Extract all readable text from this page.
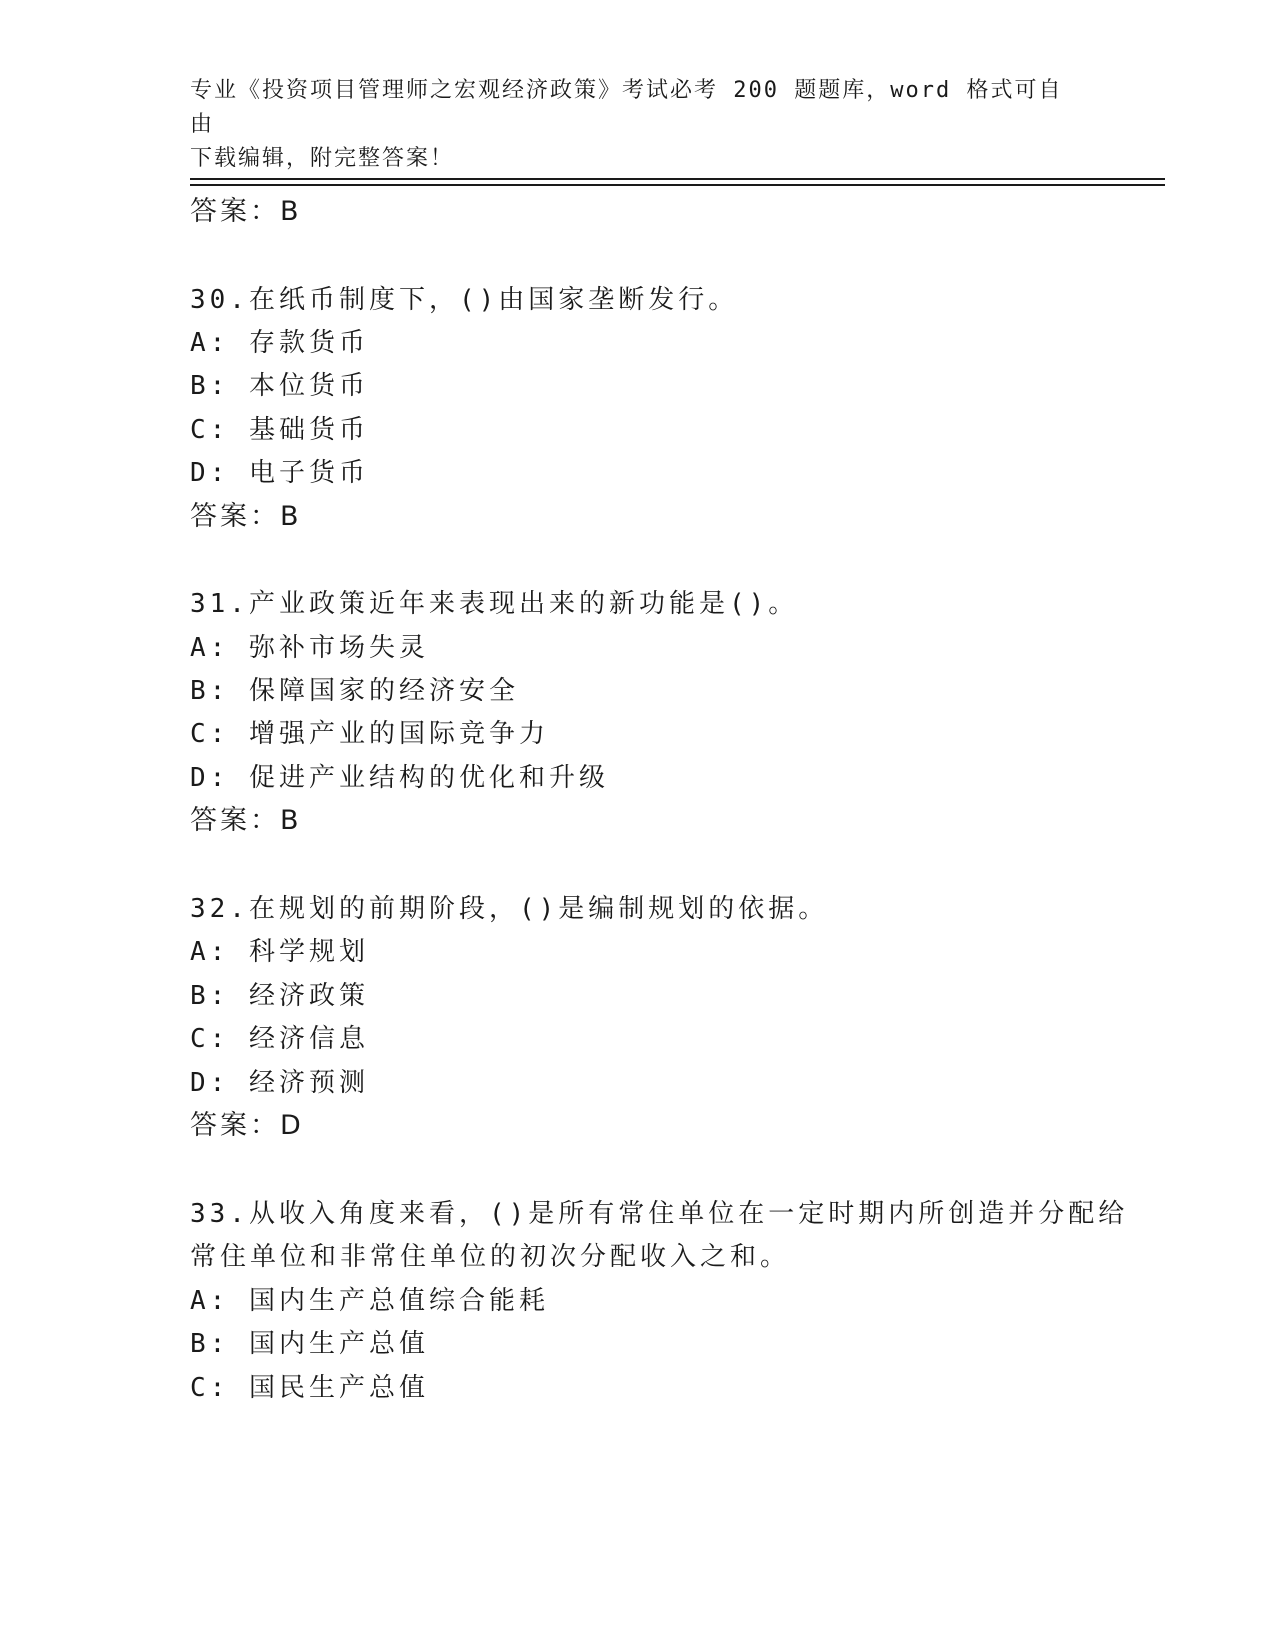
专业《投资项目管理师之宏观经济政策》考试必考 200 题题库，word 格式可自由
下载编辑，附完整答案！
答案：B
30.在纸币制度下，()由国家垄断发行。
A: 存款货币
B: 本位货币
C: 基础货币
D: 电子货币
答案：B
31.产业政策近年来表现出来的新功能是()。
A: 弥补市场失灵
B: 保障国家的经济安全
C: 增强产业的国际竞争力
D: 促进产业结构的优化和升级
答案：B
32.在规划的前期阶段，()是编制规划的依据。
A: 科学规划
B: 经济政策
C: 经济信息
D: 经济预测
答案：D
33.从收入角度来看，()是所有常住单位在一定时期内所创造并分配给
常住单位和非常住单位的初次分配收入之和。
A: 国内生产总值综合能耗
B: 国内生产总值
C: 国民生产总值
